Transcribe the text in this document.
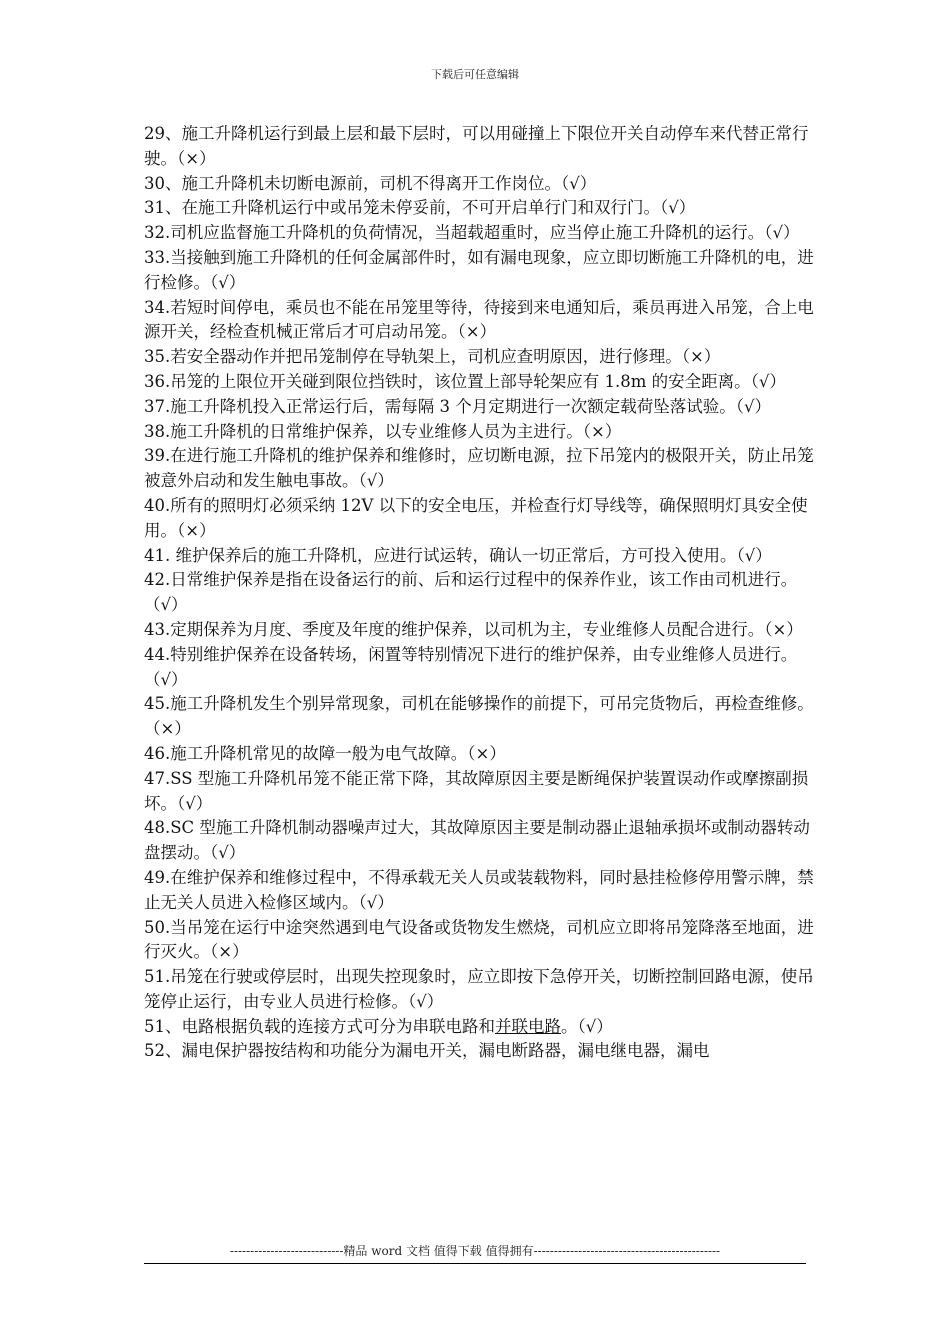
下载后可任意编辑

29、施工升降机运行到最上层和最下层时，可以用碰撞上下限位开关自动停车来代替正常行驶。（×）

30、施工升降机未切断电源前，司机不得离开工作岗位。（√）

31、在施工升降机运行中或吊笼未停妥前，不可开启单行门和双行门。（√）

32.司机应监督施工升降机的负荷情况，当超载超重时，应当停止施工升降机的运行。（√）

33.当接触到施工升降机的任何金属部件时，如有漏电现象，应立即切断施工升降机的电，进行检修。（√）

34.若短时间停电，乘员也不能在吊笼里等待，待接到来电通知后，乘员再进入吊笼，合上电源开关，经检查机械正常后才可启动吊笼。（×）

35.若安全器动作并把吊笼制停在导轨架上，司机应查明原因，进行修理。（×）

36.吊笼的上限位开关碰到限位挡铁时，该位置上部导轮架应有 1.8m 的安全距离。（√）

37.施工升降机投入正常运行后，需每隔 3 个月定期进行一次额定载荷坠落试验。（√）

38.施工升降机的日常维护保养，以专业维修人员为主进行。（×）

39.在进行施工升降机的维护保养和维修时，应切断电源，拉下吊笼内的极限开关，防止吊笼被意外启动和发生触电事故。（√）

40.所有的照明灯必须采纳 12V 以下的安全电压，并检查行灯导线等，确保照明灯具安全使用。（×）

41. 维护保养后的施工升降机，应进行试运转，确认一切正常后，方可投入使用。（√）

42.日常维护保养是指在设备运行的前、后和运行过程中的保养作业，该工作由司机进行。（√）

43.定期保养为月度、季度及年度的维护保养，以司机为主，专业维修人员配合进行。（×）

44.特别维护保养在设备转场，闲置等特别情况下进行的维护保养，由专业维修人员进行。（√）

45.施工升降机发生个别异常现象，司机在能够操作的前提下，可吊完货物后，再检查维修。（×）

46.施工升降机常见的故障一般为电气故障。（×）

47.SS 型施工升降机吊笼不能正常下降，其故障原因主要是断绳保护装置误动作或摩擦副损坏。（√）

48.SC 型施工升降机制动器噪声过大，其故障原因主要是制动器止退轴承损坏或制动器转动盘摆动。（√）

49.在维护保养和维修过程中，不得承载无关人员或装载物料，同时悬挂检修停用警示牌，禁止无关人员进入检修区域内。（√）

50.当吊笼在运行中途突然遇到电气设备或货物发生燃烧，司机应立即将吊笼降落至地面，进行灭火。（×）

51.吊笼在行驶或停层时，出现失控现象时，应立即按下急停开关，切断控制回路电源，使吊笼停止运行，由专业人员进行检修。（√）

51、电路根据负载的连接方式可分为串联电路和并联电路。（√）

52、漏电保护器按结构和功能分为漏电开关，漏电断路器，漏电继电器，漏电

----------------------------精品 word 文档 值得下载 值得拥有----------------------------------------------
